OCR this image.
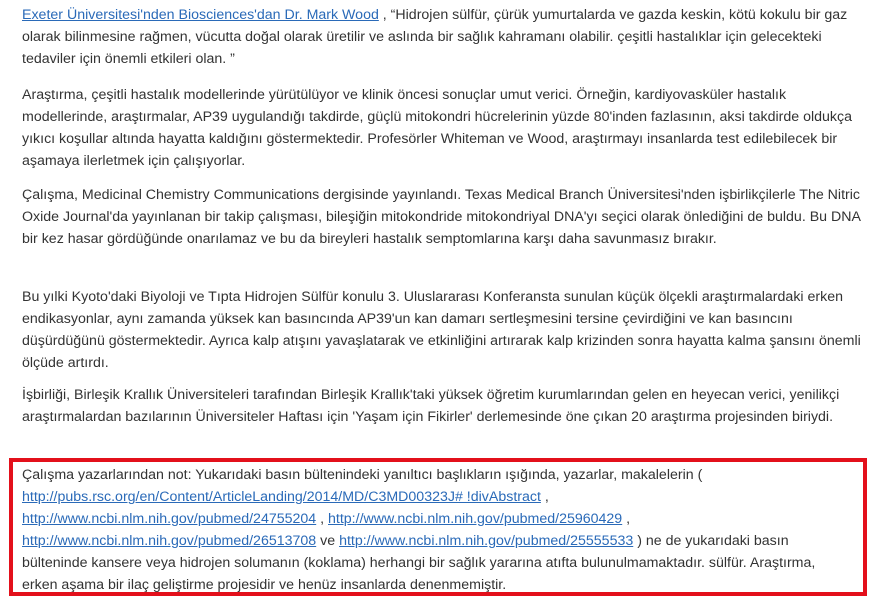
Exeter Üniversitesi'nden Biosciences'dan Dr. Mark Wood , “Hidrojen sülfür, çürük yumurtalarda ve gazda keskin, kötü kokulu bir gaz olarak bilinmesine rağmen, vücutta doğal olarak üretilir ve aslında bir sağlık kahramanı olabilir. çeşitli hastalıklar için gelecekteki tedaviler için önemli etkileri olan. ”

Araştırma, çeşitli hastalık modellerinde yürütülüyor ve klinik öncesi sonuçlar umut verici. Örneğin, kardiyovasküler hastalık modellerinde, araştırmalar, AP39 uygulandığı takdirde, güçlü mitokondri hücrelerinin yüzde 80'inden fazlasının, aksi takdirde oldukça yıkıcı koşullar altında hayatta kaldığını göstermektedir. Profesörler Whiteman ve Wood, araştırmayı insanlarda test edilebilecek bir aşamaya ilerletmek için çalışıyorlar.

Çalışma, Medicinal Chemistry Communications dergisinde yayınlandı. Texas Medical Branch Üniversitesi'nden işbirlikçilerle The Nitric Oxide Journal'da yayınlanan bir takip çalışması, bileşiğin mitokondride mitokondriyal DNA'yı seçici olarak önlediğini de buldu. Bu DNA bir kez hasar gördüğünde onarılamaz ve bu da bireyleri hastalık semptomlarına karşı daha savunmasız bırakır.

Bu yılki Kyoto'daki Biyoloji ve Tıpta Hidrojen Sülfür konulu 3. Uluslararası Konferansta sunulan küçük ölçekli araştırmalardaki erken endikasyonlar, aynı zamanda yüksek kan basıncında AP39'un kan damarı sertleşmesini tersine çevirdiğini ve kan basıncını düşürdüğünü göstermektedir. Ayrıca kalp atışını yavaşlatarak ve etkinliğini artırarak kalp krizinden sonra hayatta kalma şansını önemli ölçüde artırdı.

İşbirliği, Birleşik Krallık Üniversiteleri tarafından Birleşik Krallık'taki yüksek öğretim kurumlarından gelen en heyecan verici, yenilikçi araştırmalardan bazılarının Üniversiteler Haftası için 'Yaşam için Fikirler' derlemesinde öne çıkan 20 araştırma projesinden biriydi.

Çalışma yazarlarından not: Yukarıdaki basın bültenindeki yanıltıcı başlıkların ışığında, yazarlar, makalelerin ( http://pubs.rsc.org/en/Content/ArticleLanding/2014/MD/C3MD00323J# !divAbstract ,
http://www.ncbi.nlm.nih.gov/pubmed/24755204 , http://www.ncbi.nlm.nih.gov/pubmed/25960429 , http://www.ncbi.nlm.nih.gov/pubmed/26513708 ve http://www.ncbi.nlm.nih.gov/pubmed/25555533 ) ne de yukarıdaki basın bülteninde kansere veya hidrojen solumanın (koklama) herhangi bir sağlık yararına atıfta bulunulmamaktadır. sülfür. Araştırma, erken aşama bir ilaç geliştirme projesidir ve henüz insanlarda denenmemiştir.
